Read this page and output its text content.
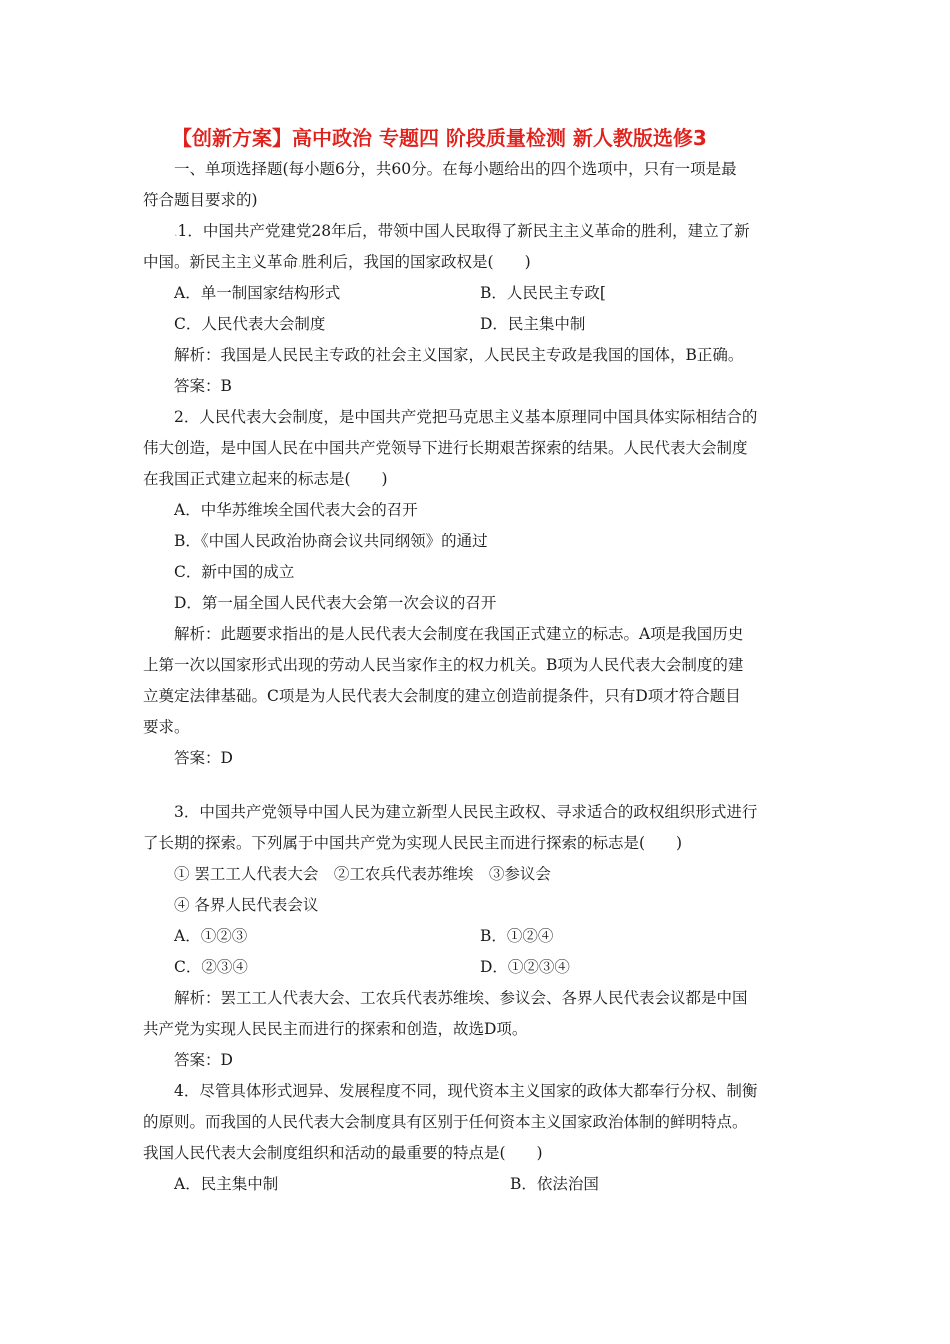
【创新方案】高中政治 专题四 阶段质量检测 新人教版选修3
一、单项选择题(每小题6分，共60分。在每小题给出的四个选项中，只有一项是最
符合题目要求的)
.1．中国共产党建党28年后，带领中国人民取得了新民主主义革命的胜利，建立了新
中国。新民主主义革命.胜利后，我国的国家政权是(　　)
A．单一制国家结构形式	B．人民民主专政[
C．人民代表大会制度	D．民主集中制
解析：我国是人民民主专政的社会主义国家，人民民主专政是我国的国体，B正确。
答案：B
2．人民代表大会制度，是中国共产党把马克思主义基本原理同中国具体实际相结合的
伟大创造，是中国人民在中国共产党领导下进行长期艰苦探索的结果。人民代表大会制度
在我国正式建立起来的标志是(　　)
A．中华苏维埃全国代表大会的召开
B．《中国人民政治协商会议共同纲领》的通过
C．新中国的成立
D．第一届全国人民代表大会第一次会议的召开
解析：此题要求指出的是人民代表大会制度在我国正式建立的标志。A项是我国历史
上第一次以国家形式出现的劳动人民当家作主的权力机关。B项为人民代表大会制度的建
立奠定法律基础。C项是为人民代表大会制度的建立创造前提条件，只有D项才符合题目
要求。
答案：D
3．中国共产党领导中国人民为建立新型人民民主政权、寻求适合的政权组织形式进行
了长期的探索。下列属于中国共产党为实现人民民主而进行探索的标志是(　　)
① 罢工工人代表大会　②工农兵代表苏维埃　③参议会
④ 各界人民代表会议
A．①②③	B．①②④
C．②③④	D．①②③④
解析：罢工工人代表大会、工农兵代表苏维埃、参议会、各界人民代表会议都是中国
共产党为实现人民民主而进行的探索和创造，故选D项。
答案：D
4．尽管具体形式迥异、发展程度不同，现代资本主义国家的政体大都奉行分权、制衡
的原则。而我国的人民代表大会制度具有区别于任何资本主义国家政治体制的鲜明特点。
我国人民代表大会制度组织和活动的最重要的特点是(　　)
A．民主集中制	B．依法治国
